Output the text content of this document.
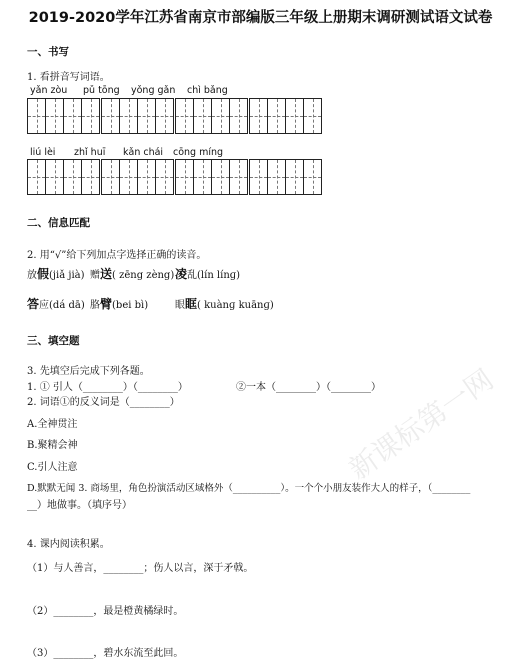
2019-2020学年江苏省南京市部编版三年级上册期末调研测试语文试卷
一、书写
1. 看拼音写词语。
yǎn zòu pǔ tōng yǒng gǎn chì bǎng
liú lèi zhǐ huī kǎn chái cōng míng
二、信息匹配
2. 用“√”给下列加点字选择正确的读音。
放假(jiǎ jià) 赠送( zēng zèng) 凌乱(lín línɡ)
答应(dá dā) 胳臂(bei bì)	眼眶( kuànɡ kuānɡ)
三、填空题
3. 先填空后完成下列各题。
1. ① 引人（________）（________）	②一本（________）（________）
2. 词语①的反义词是（________）
A.全神贯注
B.聚精会神
C.引人注意
D.默默无闻 3. 商场里，角色扮演活动区域格外（__________）。一个个小朋友装作大人的样子，（________
__）地做事。（填序号）
4. 课内阅读积累。
（1）与人善言，________；伤人以言，深于矛戟。
（2）________，最是橙黄橘绿时。
（3）________，碧水东流至此回。
新课标第一网
